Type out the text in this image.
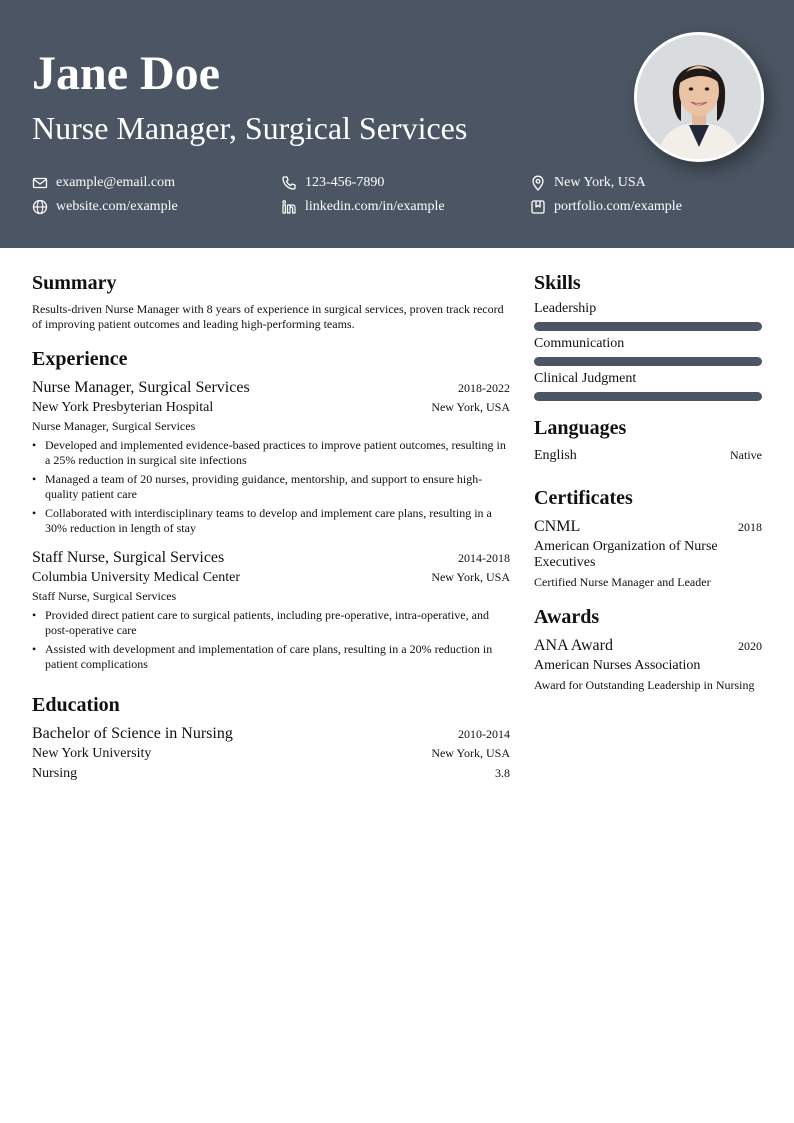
Jane Doe
Nurse Manager, Surgical Services
example@email.com	123-456-7890	New York, USA
website.com/example	linkedin.com/in/example	portfolio.com/example
Summary

Results-driven Nurse Manager with 8 years of experience in surgical services, proven track record of improving patient outcomes and leading high-performing teams.

Experience
Nurse Manager, Surgical Services	2018-2022
New York Presbyterian Hospital	New York, USA
Nurse Manager, Surgical Services
• Developed and implemented evidence-based practices to improve patient outcomes, resulting in a 25% reduction in surgical site infections
• Managed a team of 20 nurses, providing guidance, mentorship, and support to ensure high-quality patient care
• Collaborated with interdisciplinary teams to develop and implement care plans, resulting in a 30% reduction in length of stay
Staff Nurse, Surgical Services	2014-2018
Columbia University Medical Center	New York, USA
Staff Nurse, Surgical Services
• Provided direct patient care to surgical patients, including pre-operative, intra-operative, and post-operative care
• Assisted with development and implementation of care plans, resulting in a 20% reduction in patient complications
Education
Bachelor of Science in Nursing	2010-2014
New York University	New York, USA
Nursing	3.8
Skills
Leadership
Communication
Clinical Judgment
Languages
English	Native
Certificates
CNML	2018
American Organization of Nurse Executives
Certified Nurse Manager and Leader
Awards
ANA Award	2020
American Nurses Association
Award for Outstanding Leadership in Nursing
